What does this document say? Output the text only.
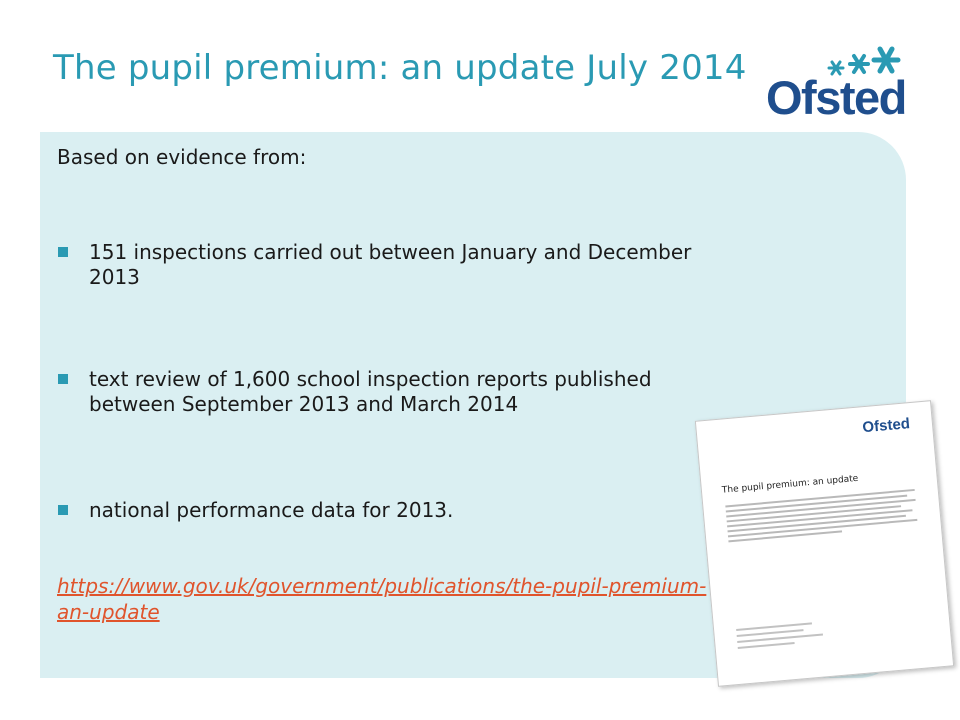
The pupil premium: an update July 2014
Ofsted

Based on evidence from:

151 inspections carried out between January and December 2013
text review of 1,600 school inspection reports published between September 2013 and March 2014
national performance data for 2013.
https://www.gov.uk/government/publications/the-pupil-premium-an-update
Ofsted
The pupil premium: an update
